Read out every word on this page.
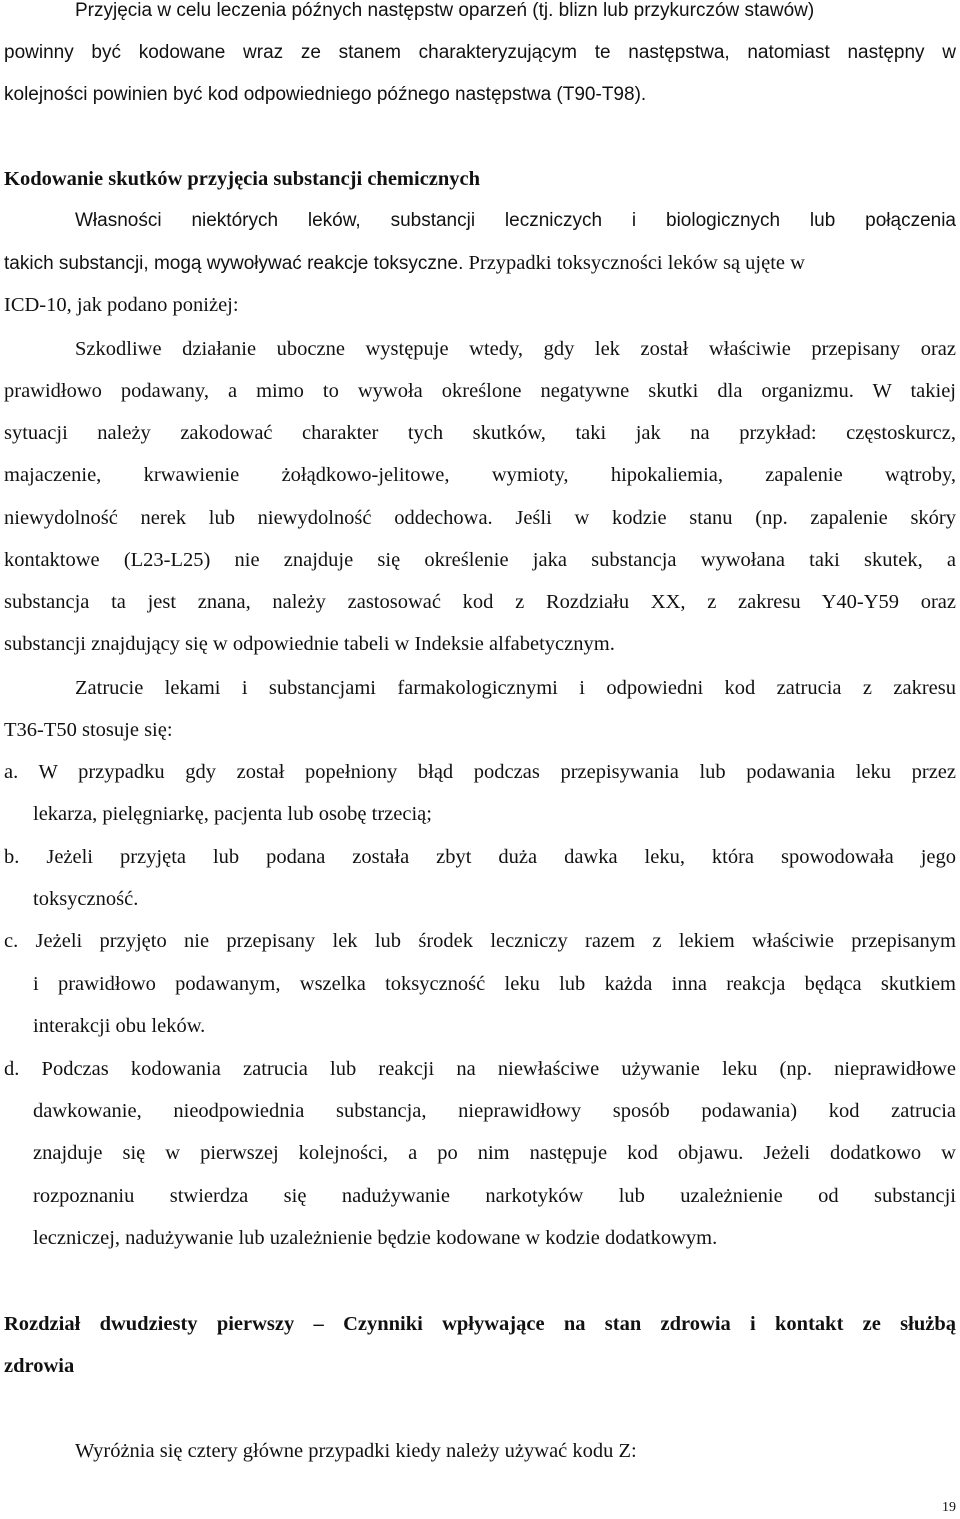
Przyjęcia w celu leczenia późnych następstw oparzeń (tj. blizn lub przykurczów stawów)
powinny być kodowane wraz ze stanem charakteryzującym te następstwa, natomiast następny w
kolejności powinien być kod odpowiedniego późnego następstwa (T90-T98).
Kodowanie skutków przyjęcia substancji chemicznych
Własności niektórych leków, substancji leczniczych i biologicznych lub połączenia
takich substancji, mogą wywoływać reakcje toksyczne. Przypadki toksyczności leków są ujęte w
ICD-10, jak podano poniżej:
Szkodliwe działanie uboczne występuje wtedy, gdy lek został właściwie przepisany oraz
prawidłowo podawany, a mimo to wywoła określone negatywne skutki dla organizmu. W takiej
sytuacji należy zakodować charakter tych skutków, taki jak na przykład: częstoskurcz,
majaczenie, krwawienie żołądkowo-jelitowe, wymioty, hipokaliemia, zapalenie wątroby,
niewydolność nerek lub niewydolność oddechowa. Jeśli w kodzie stanu (np. zapalenie skóry
kontaktowe (L23-L25) nie znajduje się określenie jaka substancja wywołana taki skutek, a
substancja ta jest znana, należy zastosować kod z Rozdziału XX, z zakresu Y40-Y59 oraz
substancji znajdujący się w odpowiednie tabeli w Indeksie alfabetycznym.
Zatrucie lekami i substancjami farmakologicznymi i odpowiedni kod zatrucia z zakresu
T36-T50 stosuje się:
a. W przypadku gdy został popełniony błąd podczas przepisywania lub podawania leku przez
lekarza, pielęgniarkę, pacjenta lub osobę trzecią;
b. Jeżeli przyjęta lub podana została zbyt duża dawka leku, która spowodowała jego
toksyczność.
c. Jeżeli przyjęto nie przepisany lek lub środek leczniczy razem z lekiem właściwie przepisanym
i prawidłowo podawanym, wszelka toksyczność leku lub każda inna reakcja będąca skutkiem
interakcji obu leków.
d. Podczas kodowania zatrucia lub reakcji na niewłaściwe używanie leku (np. nieprawidłowe
dawkowanie, nieodpowiednia substancja, nieprawidłowy sposób podawania) kod zatrucia
znajduje się w pierwszej kolejności, a po nim następuje kod objawu. Jeżeli dodatkowo w
rozpoznaniu stwierdza się nadużywanie narkotyków lub uzależnienie od substancji
leczniczej, nadużywanie lub uzależnienie będzie kodowane w kodzie dodatkowym.
Rozdział dwudziesty pierwszy – Czynniki wpływające na stan zdrowia i kontakt ze służbą
zdrowia
Wyróżnia się cztery główne przypadki kiedy należy używać kodu Z:
19
